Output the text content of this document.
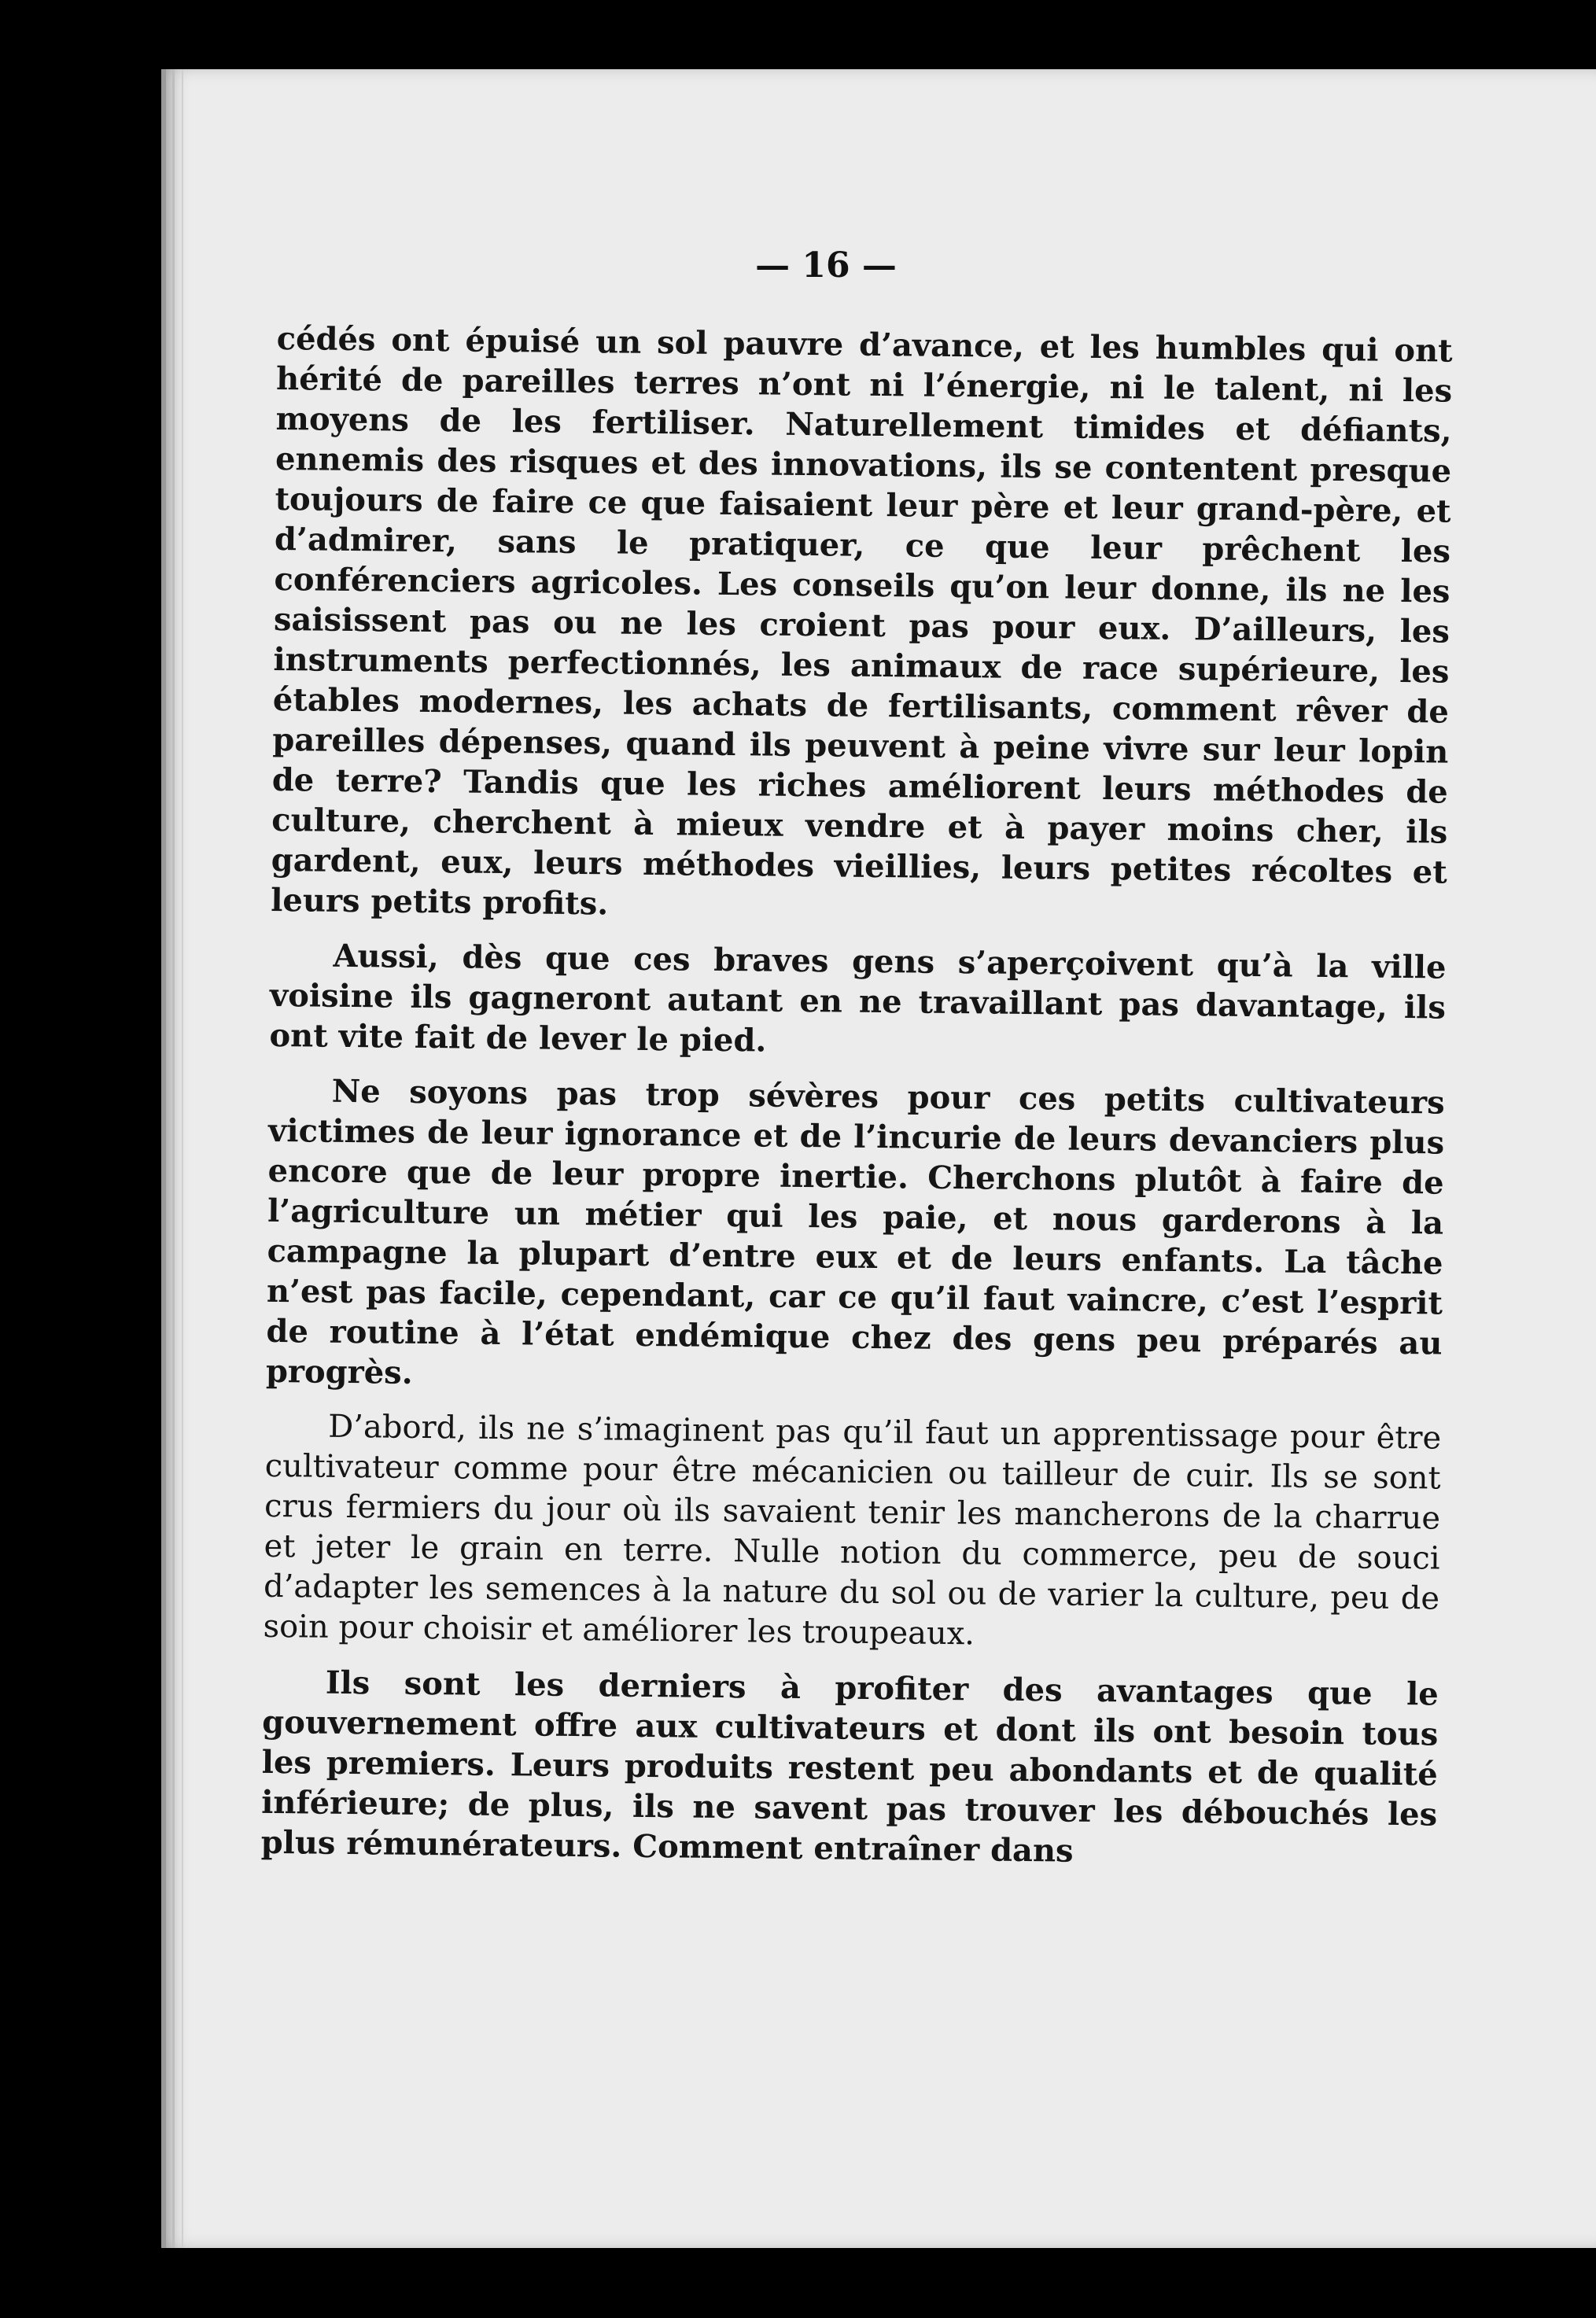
— 16 —

cédés ont épuisé un sol pauvre d’avance, et les humbles qui ont hérité de pareilles terres n’ont ni l’énergie, ni le talent, ni les moyens de les fertiliser. Naturellement timides et défiants, ennemis des risques et des innovations, ils se contentent presque toujours de faire ce que faisaient leur père et leur grand-père, et d’admirer, sans le pratiquer, ce que leur prêchent les conférenciers agricoles. Les conseils qu’on leur donne, ils ne les saisissent pas ou ne les croient pas pour eux. D’ailleurs, les instruments perfectionnés, les animaux de race supérieure, les étables modernes, les achats de fertilisants, comment rêver de pareilles dépenses, quand ils peuvent à peine vivre sur leur lopin de terre? Tandis que les riches améliorent leurs méthodes de culture, cherchent à mieux vendre et à payer moins cher, ils gardent, eux, leurs méthodes vieillies, leurs petites récoltes et leurs petits profits.

Aussi, dès que ces braves gens s’aperçoivent qu’à la ville voisine ils gagneront autant en ne travaillant pas davantage, ils ont vite fait de lever le pied.

Ne soyons pas trop sévères pour ces petits cultivateurs victimes de leur ignorance et de l’incurie de leurs devanciers plus encore que de leur propre inertie. Cherchons plutôt à faire de l’agriculture un métier qui les paie, et nous garderons à la campagne la plupart d’entre eux et de leurs enfants. La tâche n’est pas facile, cependant, car ce qu’il faut vaincre, c’est l’esprit de routine à l’état endémique chez des gens peu préparés au progrès.

D’abord, ils ne s’imaginent pas qu’il faut un apprentissage pour être cultivateur comme pour être mécanicien ou tailleur de cuir. Ils se sont crus fermiers du jour où ils savaient tenir les mancherons de la charrue et jeter le grain en terre. Nulle notion du commerce, peu de souci d’adapter les semences à la nature du sol ou de varier la culture, peu de soin pour choisir et améliorer les troupeaux.

Ils sont les derniers à profiter des avantages que le gouvernement offre aux cultivateurs et dont ils ont besoin tous les premiers. Leurs produits restent peu abondants et de qualité inférieure; de plus, ils ne savent pas trouver les débouchés les plus rémunérateurs. Comment entraîner dans
